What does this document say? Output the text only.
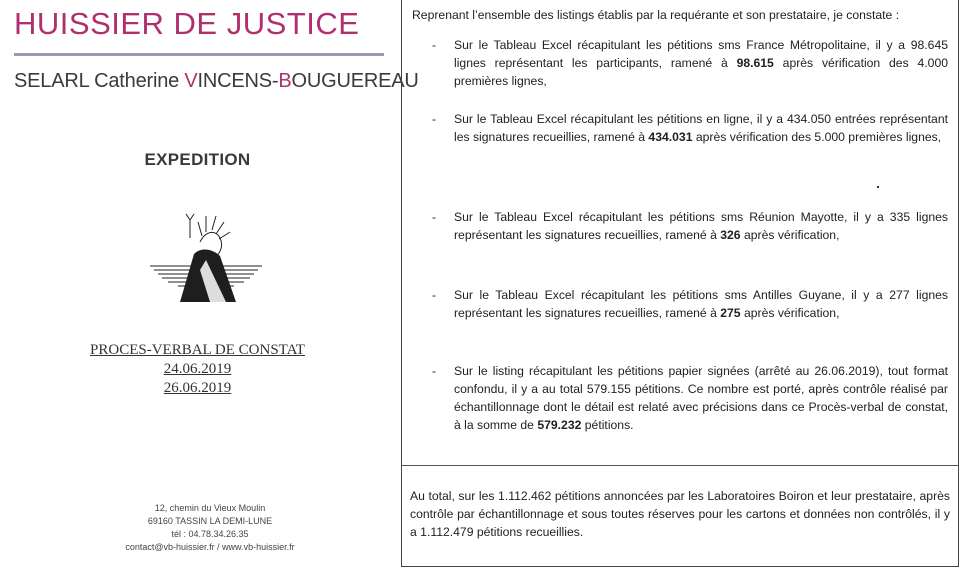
HUISSIER DE JUSTICE
SELARL Catherine VINCENS-BOUGUEREAU
EXPEDITION
PROCES-VERBAL DE CONSTAT
24.06.2019
26.06.2019
12, chemin du Vieux Moulin
69160 TASSIN LA DEMI-LUNE
tél : 04.78.34.26.35
contact@vb-huissier.fr / www.vb-huissier.fr
Reprenant l’ensemble des listings établis par la requérante et son prestataire, je constate :
- Sur le Tableau Excel récapitulant les pétitions sms France Métropolitaine, il y a 98.645 lignes représentant les participants, ramené à 98.615 après vérification des 4.000 premières lignes,
- Sur le Tableau Excel récapitulant les pétitions en ligne, il y a 434.050 entrées représentant les signatures recueillies, ramené à 434.031 après vérification des 5.000 premières lignes,
- Sur le Tableau Excel récapitulant les pétitions sms Réunion Mayotte, il y a 335 lignes représentant les signatures recueillies, ramené à 326 après vérification,
- Sur le Tableau Excel récapitulant les pétitions sms Antilles Guyane, il y a 277 lignes représentant les signatures recueillies, ramené à 275 après vérification,
- Sur le listing récapitulant les pétitions papier signées (arrêté au 26.06.2019), tout format confondu, il y a au total 579.155 pétitions. Ce nombre est porté, après contrôle réalisé par échantillonnage dont le détail est relaté avec précisions dans ce Procès-verbal de constat, à la somme de 579.232 pétitions.
Au total, sur les 1.112.462 pétitions annoncées par les Laboratoires Boiron et leur prestataire, après contrôle par échantillonnage et sous toutes réserves pour les cartons et données non contrôlés, il y a 1.112.479 pétitions recueillies.
